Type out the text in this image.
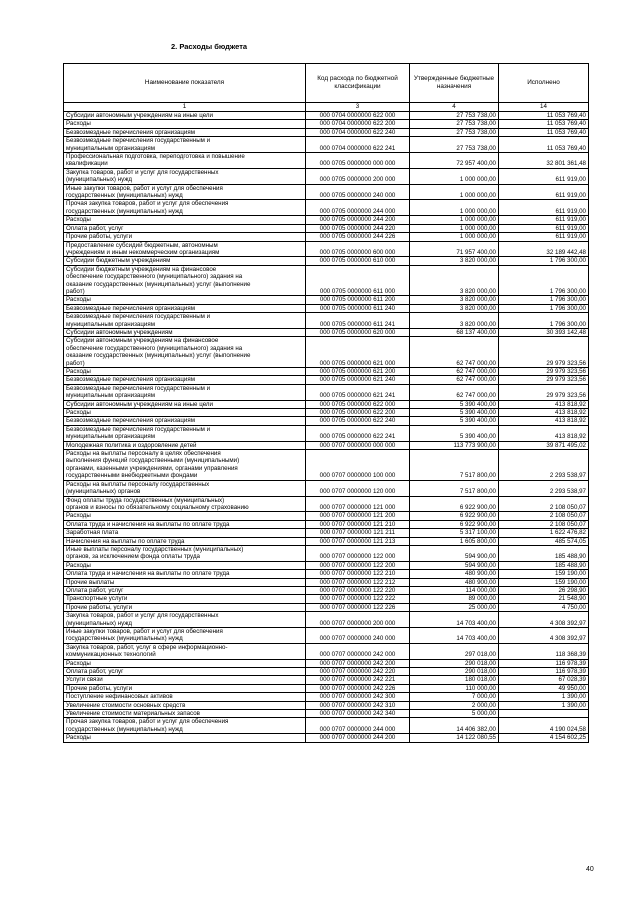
2. Расходы бюджета
Наименование показателя	Код расхода по бюджетной классификации	Утвержденные бюджетные назначения	Исполнено
1	3	4	14
Субсидии автономным учреждениям на иные цели	000 0704 0000000 622 000	27 753 738,00	11 053 769,40
Расходы	000 0704 0000000 622 200	27 753 738,00	11 053 769,40
Безвозмездные перечисления организациям	000 0704 0000000 622 240	27 753 738,00	11 053 769,40
Безвозмездные перечисления государственным и
муниципальным организациям	000 0704 0000000 622 241	27 753 738,00	11 053 769,40
Профессиональная подготовка, переподготовка и повышение
квалификации	000 0705 0000000 000 000	72 957 400,00	32 801 361,48
Закупка товаров, работ и услуг для государственных
(муниципальных) нужд	000 0705 0000000 200 000	1 000 000,00	611 919,00
Иные закупки товаров, работ и услуг для обеспечения
государственных (муниципальных) нужд	000 0705 0000000 240 000	1 000 000,00	611 919,00
Прочая закупка товаров, работ и услуг для обеспечения
государственных (муниципальных) нужд	000 0705 0000000 244 000	1 000 000,00	611 919,00
Расходы	000 0705 0000000 244 200	1 000 000,00	611 919,00
Оплата работ, услуг	000 0705 0000000 244 220	1 000 000,00	611 919,00
Прочие работы, услуги	000 0705 0000000 244 226	1 000 000,00	611 919,00
Предоставление субсидий бюджетным, автономным
учреждениям и иным некоммерческим организациям	000 0705 0000000 600 000	71 957 400,00	32 189 442,48
Субсидии бюджетным учреждениям	000 0705 0000000 610 000	3 820 000,00	1 796 300,00
Субсидии бюджетным учреждениям на финансовое
обеспечение государственного (муниципального) задания на
оказание государственных (муниципальных) услуг (выполнение
работ)	000 0705 0000000 611 000	3 820 000,00	1 796 300,00
Расходы	000 0705 0000000 611 200	3 820 000,00	1 796 300,00
Безвозмездные перечисления организациям	000 0705 0000000 611 240	3 820 000,00	1 796 300,00
Безвозмездные перечисления государственным и
муниципальным организациям	000 0705 0000000 611 241	3 820 000,00	1 796 300,00
Субсидии автономным учреждениям	000 0705 0000000 620 000	68 137 400,00	30 393 142,48
Субсидии автономным учреждениям на финансовое
обеспечение государственного (муниципального) задания на
оказание государственных (муниципальных) услуг (выполнение
работ)	000 0705 0000000 621 000	62 747 000,00	29 979 323,56
Расходы	000 0705 0000000 621 200	62 747 000,00	29 979 323,56
Безвозмездные перечисления организациям	000 0705 0000000 621 240	62 747 000,00	29 979 323,56
Безвозмездные перечисления государственным и
муниципальным организациям	000 0705 0000000 621 241	62 747 000,00	29 979 323,56
Субсидии автономным учреждениям на иные цели	000 0705 0000000 622 000	5 390 400,00	413 818,92
Расходы	000 0705 0000000 622 200	5 390 400,00	413 818,92
Безвозмездные перечисления организациям	000 0705 0000000 622 240	5 390 400,00	413 818,92
Безвозмездные перечисления государственным и
муниципальным организациям	000 0705 0000000 622 241	5 390 400,00	413 818,92
Молодежная политика и оздоровление детей	000 0707 0000000 000 000	113 773 900,00	39 871 495,02
Расходы на выплаты персоналу в целях обеспечения
выполнения функций государственными (муниципальными)
органами, казенными учреждениями, органами управления
государственными внебюджетными фондами	000 0707 0000000 100 000	7 517 800,00	2 293 538,97
Расходы на выплаты персоналу государственных
(муниципальных) органов	000 0707 0000000 120 000	7 517 800,00	2 293 538,97
Фонд оплаты труда государственных (муниципальных)
органов и взносы по обязательному социальному страхованию	000 0707 0000000 121 000	6 922 900,00	2 108 050,07
Расходы	000 0707 0000000 121 200	6 922 900,00	2 108 050,07
Оплата труда и начисления на выплаты по оплате труда	000 0707 0000000 121 210	6 922 900,00	2 108 050,07
Заработная плата	000 0707 0000000 121 211	5 317 100,00	1 622 476,82
Начисления на выплаты по оплате труда	000 0707 0000000 121 213	1 605 800,00	485 574,05
Иные выплаты персоналу государственных (муниципальных)
органов, за исключением фонда оплаты труда	000 0707 0000000 122 000	594 900,00	185 488,90
Расходы	000 0707 0000000 122 200	594 900,00	185 488,90
Оплата труда и начисления на выплаты по оплате труда	000 0707 0000000 122 210	480 900,00	159 190,00
Прочие выплаты	000 0707 0000000 122 212	480 900,00	159 190,00
Оплата работ, услуг	000 0707 0000000 122 220	114 000,00	26 298,90
Транспортные услуги	000 0707 0000000 122 222	89 000,00	21 548,90
Прочие работы, услуги	000 0707 0000000 122 226	25 000,00	4 750,00
Закупка товаров, работ и услуг для государственных
(муниципальных) нужд	000 0707 0000000 200 000	14 703 400,00	4 308 392,97
Иные закупки товаров, работ и услуг для обеспечения
государственных (муниципальных) нужд	000 0707 0000000 240 000	14 703 400,00	4 308 392,97
Закупка товаров, работ, услуг в сфере информационно-
коммуникационных технологий	000 0707 0000000 242 000	297 018,00	118 368,39
Расходы	000 0707 0000000 242 200	290 018,00	116 978,39
Оплата работ, услуг	000 0707 0000000 242 220	290 018,00	116 978,39
Услуги связи	000 0707 0000000 242 221	180 018,00	67 028,39
Прочие работы, услуги	000 0707 0000000 242 226	110 000,00	49 950,00
Поступление нефинансовых активов	000 0707 0000000 242 300	7 000,00	1 390,00
Увеличение стоимости основных средств	000 0707 0000000 242 310	2 000,00	1 390,00
Увеличение стоимости материальных запасов	000 0707 0000000 242 340	5 000,00	
Прочая закупка товаров, работ и услуг для обеспечения
государственных (муниципальных) нужд	000 0707 0000000 244 000	14 406 382,00	4 190 024,58
Расходы	000 0707 0000000 244 200	14 122 080,55	4 154 602,25
40
